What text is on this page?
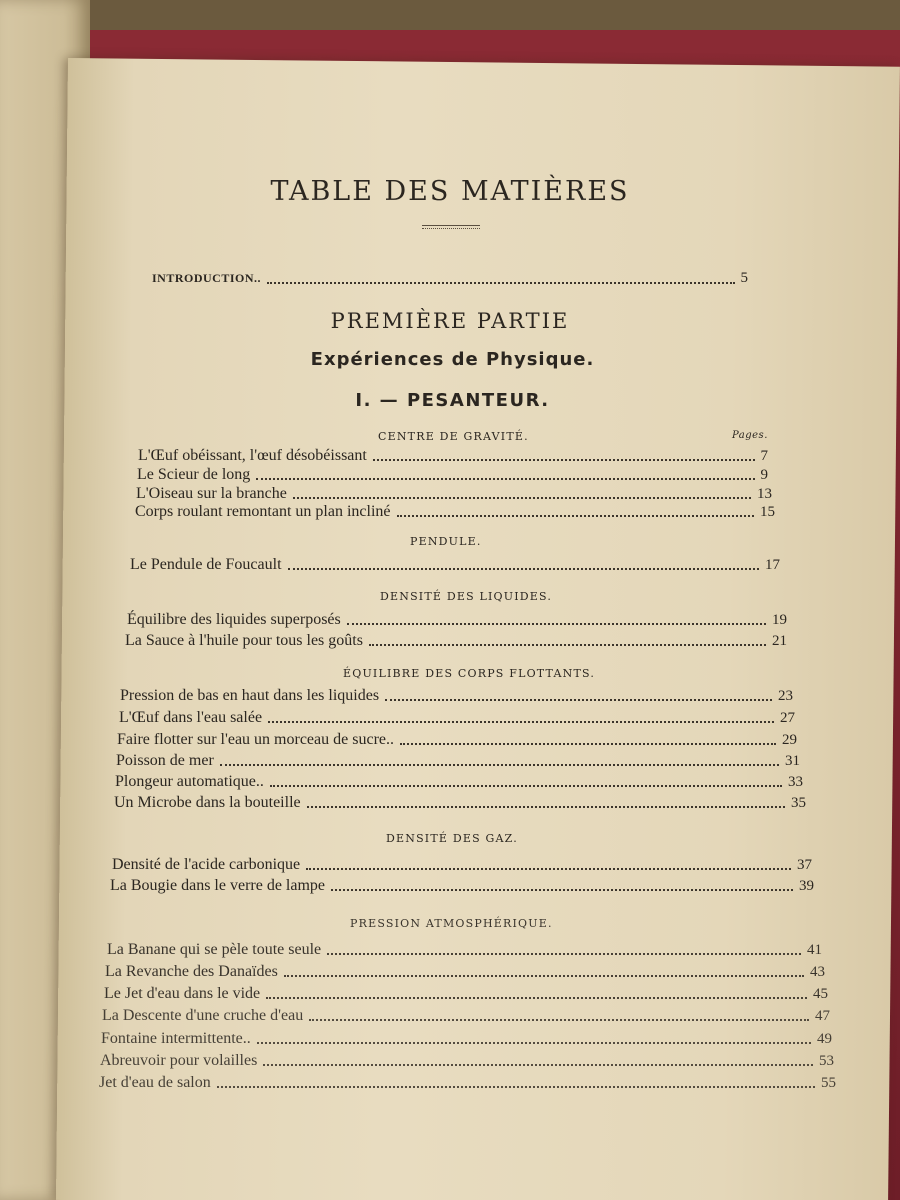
TABLE DES MATIÈRES
INTRODUCTION..	5
PREMIÈRE PARTIE
Expériences de Physique.
I. — PESANTEUR.
Pages.
CENTRE DE GRAVITÉ.
L'Œuf obéissant, l'œuf désobéissant	7
Le Scieur de long	9
L'Oiseau sur la branche	13
Corps roulant remontant un plan incliné	15
PENDULE.
Le Pendule de Foucault	17
DENSITÉ DES LIQUIDES.
Équilibre des liquides superposés	19
La Sauce à l'huile pour tous les goûts	21
ÉQUILIBRE DES CORPS FLOTTANTS.
Pression de bas en haut dans les liquides	23
L'Œuf dans l'eau salée	27
Faire flotter sur l'eau un morceau de sucre..	29
Poisson de mer	31
Plongeur automatique..	33
Un Microbe dans la bouteille	35
DENSITÉ DES GAZ.
Densité de l'acide carbonique	37
La Bougie dans le verre de lampe	39
PRESSION ATMOSPHÉRIQUE.
La Banane qui se pèle toute seule	41
La Revanche des Danaïdes	43
Le Jet d'eau dans le vide	45
La Descente d'une cruche d'eau	47
Fontaine intermittente..	49
Abreuvoir pour volailles	53
Jet d'eau de salon	55
